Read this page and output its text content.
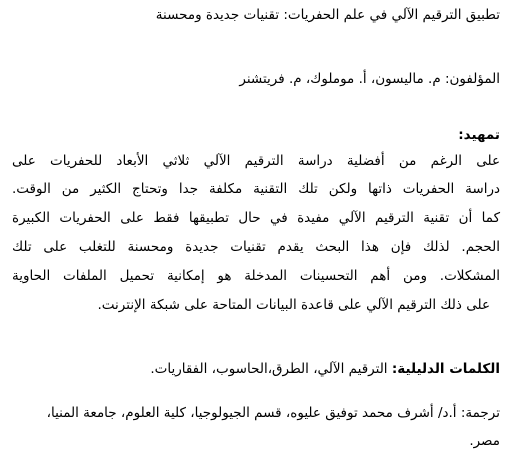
تطبيق الترقيم الآلي في علم الحفريات: تقنيات جديدة ومحسنة
المؤلفون: م. ماليسون، أ. موملوك، م. فريتشنر
تمهيد:
على الرغم من أفضلية دراسة الترقيم الآلي ثلاثي الأبعاد للحفريات على
دراسة الحفريات ذاتها ولكن تلك التقنية مكلفة جدا وتحتاج الكثير من الوقت.
كما أن تقنية الترقيم الآلي مفيدة في حال تطبيقها فقط على الحفريات الكبيرة
الحجم. لذلك فإن هذا البحث يقدم تقنيات جديدة ومحسنة للتغلب على تلك
المشكلات. ومن أهم التحسينات المدخلة هو إمكانية تحميل الملفات الحاوية
على ذلك الترقيم الآلي على قاعدة البيانات المتاحة على شبكة الإنترنت.
الكلمات الدليلية: الترقيم الآلي، الطرق،الحاسوب، الفقاريات.
ترجمة: أ.د/ أشرف محمد توفيق عليوه، قسم الجيولوجيا، كلية العلوم، جامعة المنيا،
مصر.
